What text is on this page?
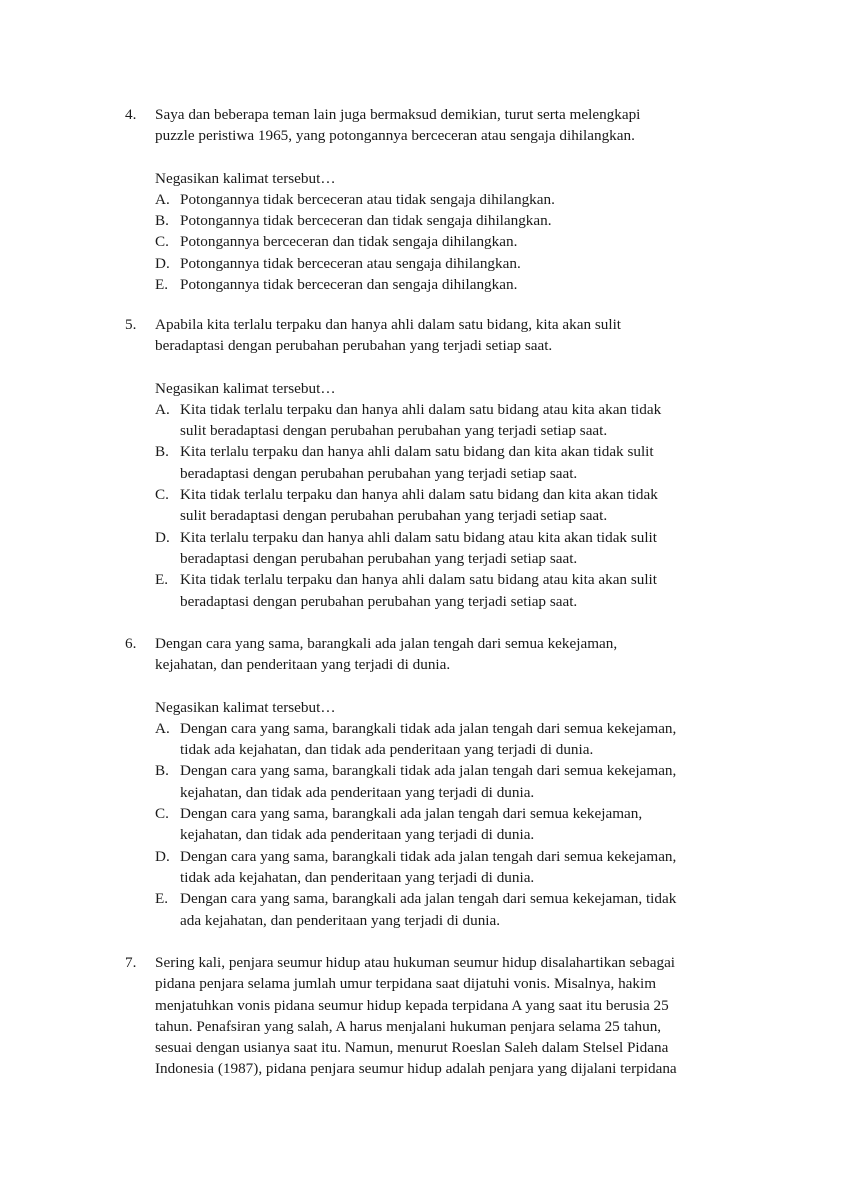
4. Saya dan beberapa teman lain juga bermaksud demikian, turut serta melengkapi
puzzle peristiwa 1965, yang potongannya berceceran atau sengaja dihilangkan.

Negasikan kalimat tersebut…

A. Potongannya tidak berceceran atau tidak sengaja dihilangkan.
B. Potongannya tidak berceceran dan tidak sengaja dihilangkan.
C. Potongannya berceceran dan tidak sengaja dihilangkan.
D. Potongannya tidak berceceran atau sengaja dihilangkan.
E. Potongannya tidak berceceran dan sengaja dihilangkan.
5. Apabila kita terlalu terpaku dan hanya ahli dalam satu bidang, kita akan sulit
beradaptasi dengan perubahan perubahan yang terjadi setiap saat.

Negasikan kalimat tersebut…

A. Kita tidak terlalu terpaku dan hanya ahli dalam satu bidang atau kita akan tidak
sulit beradaptasi dengan perubahan perubahan yang terjadi setiap saat.
B. Kita terlalu terpaku dan hanya ahli dalam satu bidang dan kita akan tidak sulit
beradaptasi dengan perubahan perubahan yang terjadi setiap saat.
C. Kita tidak terlalu terpaku dan hanya ahli dalam satu bidang dan kita akan tidak
sulit beradaptasi dengan perubahan perubahan yang terjadi setiap saat.
D. Kita terlalu terpaku dan hanya ahli dalam satu bidang atau kita akan tidak sulit
beradaptasi dengan perubahan perubahan yang terjadi setiap saat.
E. Kita tidak terlalu terpaku dan hanya ahli dalam satu bidang atau kita akan sulit
beradaptasi dengan perubahan perubahan yang terjadi setiap saat.
6. Dengan cara yang sama, barangkali ada jalan tengah dari semua kekejaman,
kejahatan, dan penderitaan yang terjadi di dunia.

Negasikan kalimat tersebut…

A. Dengan cara yang sama, barangkali tidak ada jalan tengah dari semua kekejaman,
tidak ada kejahatan, dan tidak ada penderitaan yang terjadi di dunia.
B. Dengan cara yang sama, barangkali tidak ada jalan tengah dari semua kekejaman,
kejahatan, dan tidak ada penderitaan yang terjadi di dunia.
C. Dengan cara yang sama, barangkali ada jalan tengah dari semua kekejaman,
kejahatan, dan tidak ada penderitaan yang terjadi di dunia.
D. Dengan cara yang sama, barangkali tidak ada jalan tengah dari semua kekejaman,
tidak ada kejahatan, dan penderitaan yang terjadi di dunia.
E. Dengan cara yang sama, barangkali ada jalan tengah dari semua kekejaman, tidak
ada kejahatan, dan penderitaan yang terjadi di dunia.
7. Sering kali, penjara seumur hidup atau hukuman seumur hidup disalahartikan sebagai
pidana penjara selama jumlah umur terpidana saat dijatuhi vonis. Misalnya, hakim
menjatuhkan vonis pidana seumur hidup kepada terpidana A yang saat itu berusia 25
tahun. Penafsiran yang salah, A harus menjalani hukuman penjara selama 25 tahun,
sesuai dengan usianya saat itu. Namun, menurut Roeslan Saleh dalam Stelsel Pidana
Indonesia (1987), pidana penjara seumur hidup adalah penjara yang dijalani terpidana
